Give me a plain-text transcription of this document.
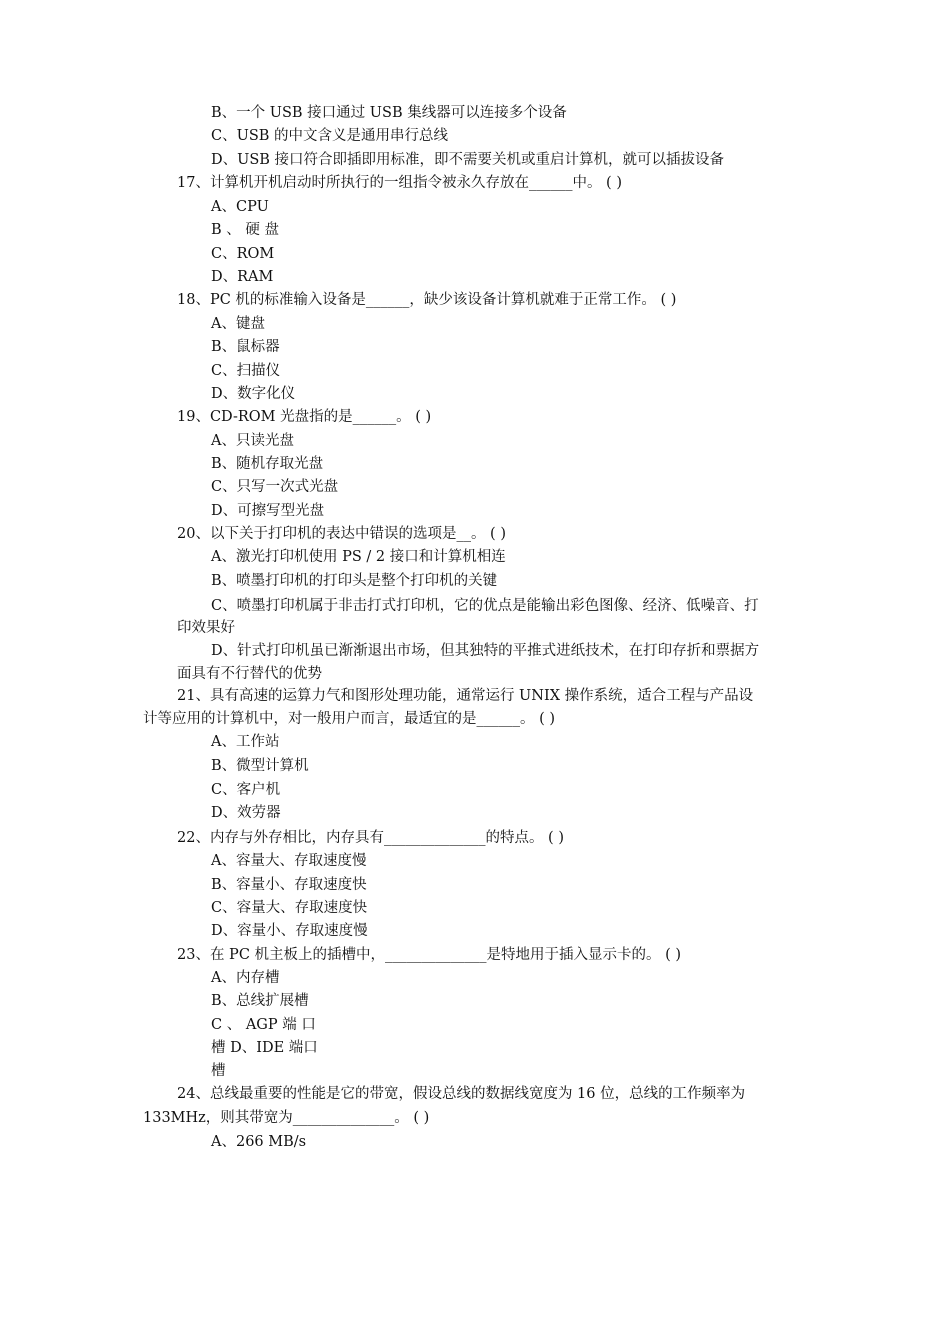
B、一个 USB 接口通过 USB 集线器可以连接多个设备
C、USB 的中文含义是通用串行总线
D、USB 接口符合即插即用标准，即不需要关机或重启计算机，就可以插拔设备
17、计算机开机启动时所执行的一组指令被永久存放在______中。 ( )
A、CPU
B 、 硬 盘
C、ROM
D、RAM
18、PC 机的标准输入设备是______，缺少该设备计算机就难于正常工作。 ( )
A、键盘
B、鼠标器
C、扫描仪
D、数字化仪
19、CD-ROM 光盘指的是______。 ( )
A、只读光盘
B、随机存取光盘
C、只写一次式光盘
D、可擦写型光盘
20、以下关于打印机的表达中错误的选项是__。 ( )
A、激光打印机使用 PS / 2 接口和计算机相连
B、喷墨打印机的打印头是整个打印机的关键
C、喷墨打印机属于非击打式打印机，它的优点是能输出彩色图像、经济、低噪音、打
印效果好
D、针式打印机虽已渐渐退出市场，但其独特的平推式进纸技术，在打印存折和票据方
面具有不行替代的优势
21、具有高速的运算力气和图形处理功能，通常运行 UNIX 操作系统，适合工程与产品设
计等应用的计算机中，对一般用户而言，最适宜的是______。 ( )
A、工作站
B、微型计算机
C、客户机
D、效劳器
22、内存与外存相比，内存具有______________的特点。 ( )
A、容量大、存取速度慢
B、容量小、存取速度快
C、容量大、存取速度快
D、容量小、存取速度慢
23、在 PC 机主板上的插槽中，______________是特地用于插入显示卡的。 ( )
A、内存槽
B、总线扩展槽
C 、 AGP 端 口
槽 D、IDE 端口
槽
24、总线最重要的性能是它的带宽，假设总线的数据线宽度为 16 位，总线的工作频率为
133MHz，则其带宽为______________。 ( )
A、266 MB/s
